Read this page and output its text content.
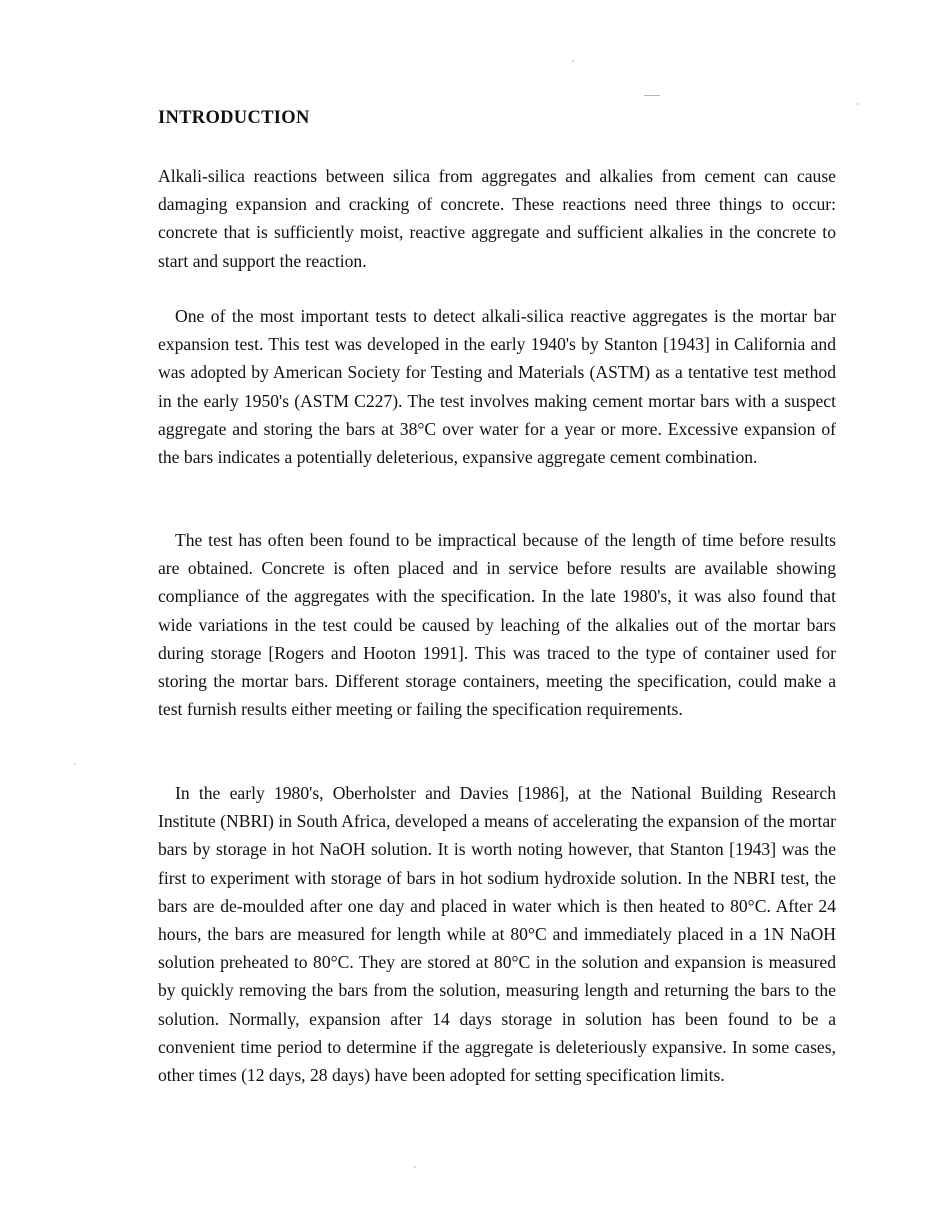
INTRODUCTION

Alkali-silica reactions between silica from aggregates and alkalies from cement can cause damaging expansion and cracking of concrete. These reactions need three things to occur: concrete that is sufficiently moist, reactive aggregate and sufficient alkalies in the concrete to start and support the reaction.

One of the most important tests to detect alkali-silica reactive aggregates is the mortar bar expansion test. This test was developed in the early 1940's by Stanton [1943] in California and was adopted by American Society for Testing and Materials (ASTM) as a tentative test method in the early 1950's (ASTM C227). The test involves making cement mortar bars with a suspect aggregate and storing the bars at 38°C over water for a year or more. Excessive expansion of the bars indicates a potentially deleterious, expansive aggregate cement combination.

The test has often been found to be impractical because of the length of time before results are obtained. Concrete is often placed and in service before results are available showing compliance of the aggregates with the specification. In the late 1980's, it was also found that wide variations in the test could be caused by leaching of the alkalies out of the mortar bars during storage [Rogers and Hooton 1991]. This was traced to the type of container used for storing the mortar bars. Different storage containers, meeting the specification, could make a test furnish results either meeting or failing the specification requirements.

In the early 1980's, Oberholster and Davies [1986], at the National Building Research Institute (NBRI) in South Africa, developed a means of accelerating the expansion of the mortar bars by storage in hot NaOH solution. It is worth noting however, that Stanton [1943] was the first to experiment with storage of bars in hot sodium hydroxide solution. In the NBRI test, the bars are de-moulded after one day and placed in water which is then heated to 80°C. After 24 hours, the bars are measured for length while at 80°C and immediately placed in a 1N NaOH solution preheated to 80°C. They are stored at 80°C in the solution and expansion is measured by quickly removing the bars from the solution, measuring length and returning the bars to the solution. Normally, expansion after 14 days storage in solution has been found to be a convenient time period to determine if the aggregate is deleteriously expansive. In some cases, other times (12 days, 28 days) have been adopted for setting specification limits.
